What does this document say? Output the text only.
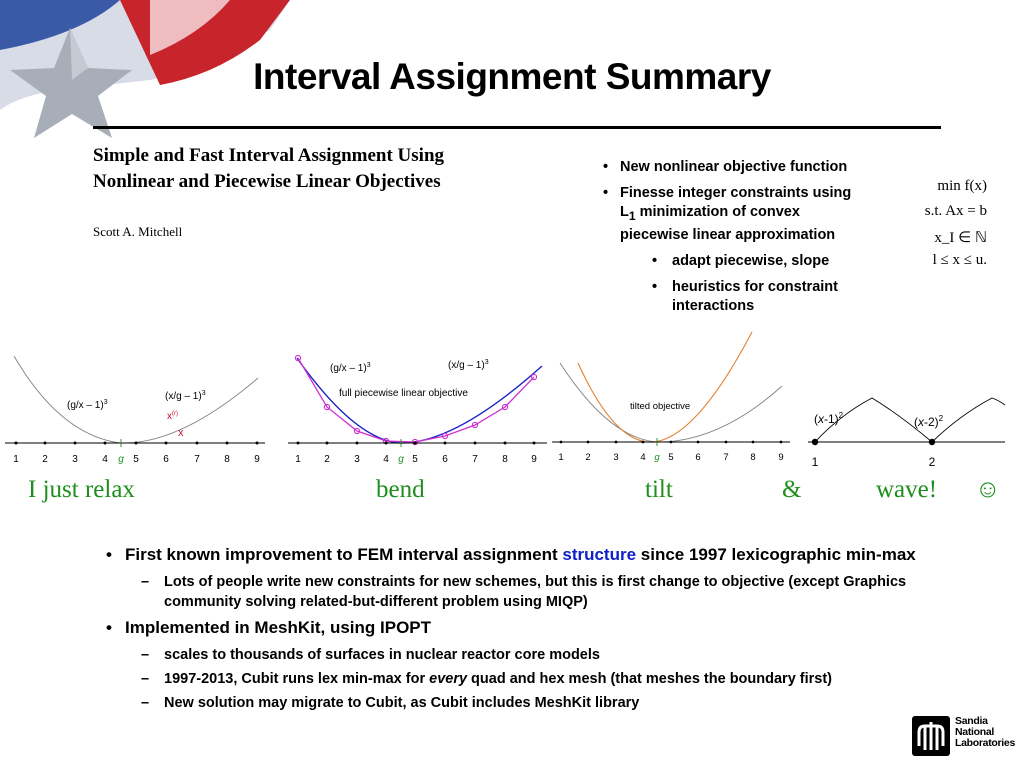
Interval Assignment Summary
Simple and Fast Interval Assignment Using
Nonlinear and Piecewise Linear Objectives
Scott A. Mitchell
• New nonlinear objective function
• Finesse integer constraints using
$L_1$ minimization of convex
piecewise linear approximation
• adapt piecewise, slope
• heuristics for constraint interactions
min f(x)
s.t. Ax = b
x_I ∈ ℕ
l ≤ x ≤ u.
1 2 3 4 g 5 6	7 8 9
(g/x – 1)$^3$
(x/g – 1)$^3$
$x^{(r)}$
x
1 2 3 4 g 5 6 7 8 9
(g/x – 1)$^3$	(x/g – 1)$^3$
full piecewise linear objective
1 2 3 4 g 5 6 7 8 9
tilted objective
1	2
$(x-1)^2$	$(x-2)^2$
I just relax	bend	tilt	&	wave! ☺
• First known improvement to FEM interval assignment structure since 1997 lexicographic min-max
– Lots of people write new constraints for new schemes, but this is first change to objective (except Graphics community solving related-but-different problem using MIQP)
• Implemented in MeshKit, using IPOPT
– scales to thousands of surfaces in nuclear reactor core models
– 1997-2013, Cubit runs lex min-max for every quad and hex mesh (that meshes the boundary first)
– New solution may migrate to Cubit, as Cubit includes MeshKit library
Sandia
National
Laboratories
